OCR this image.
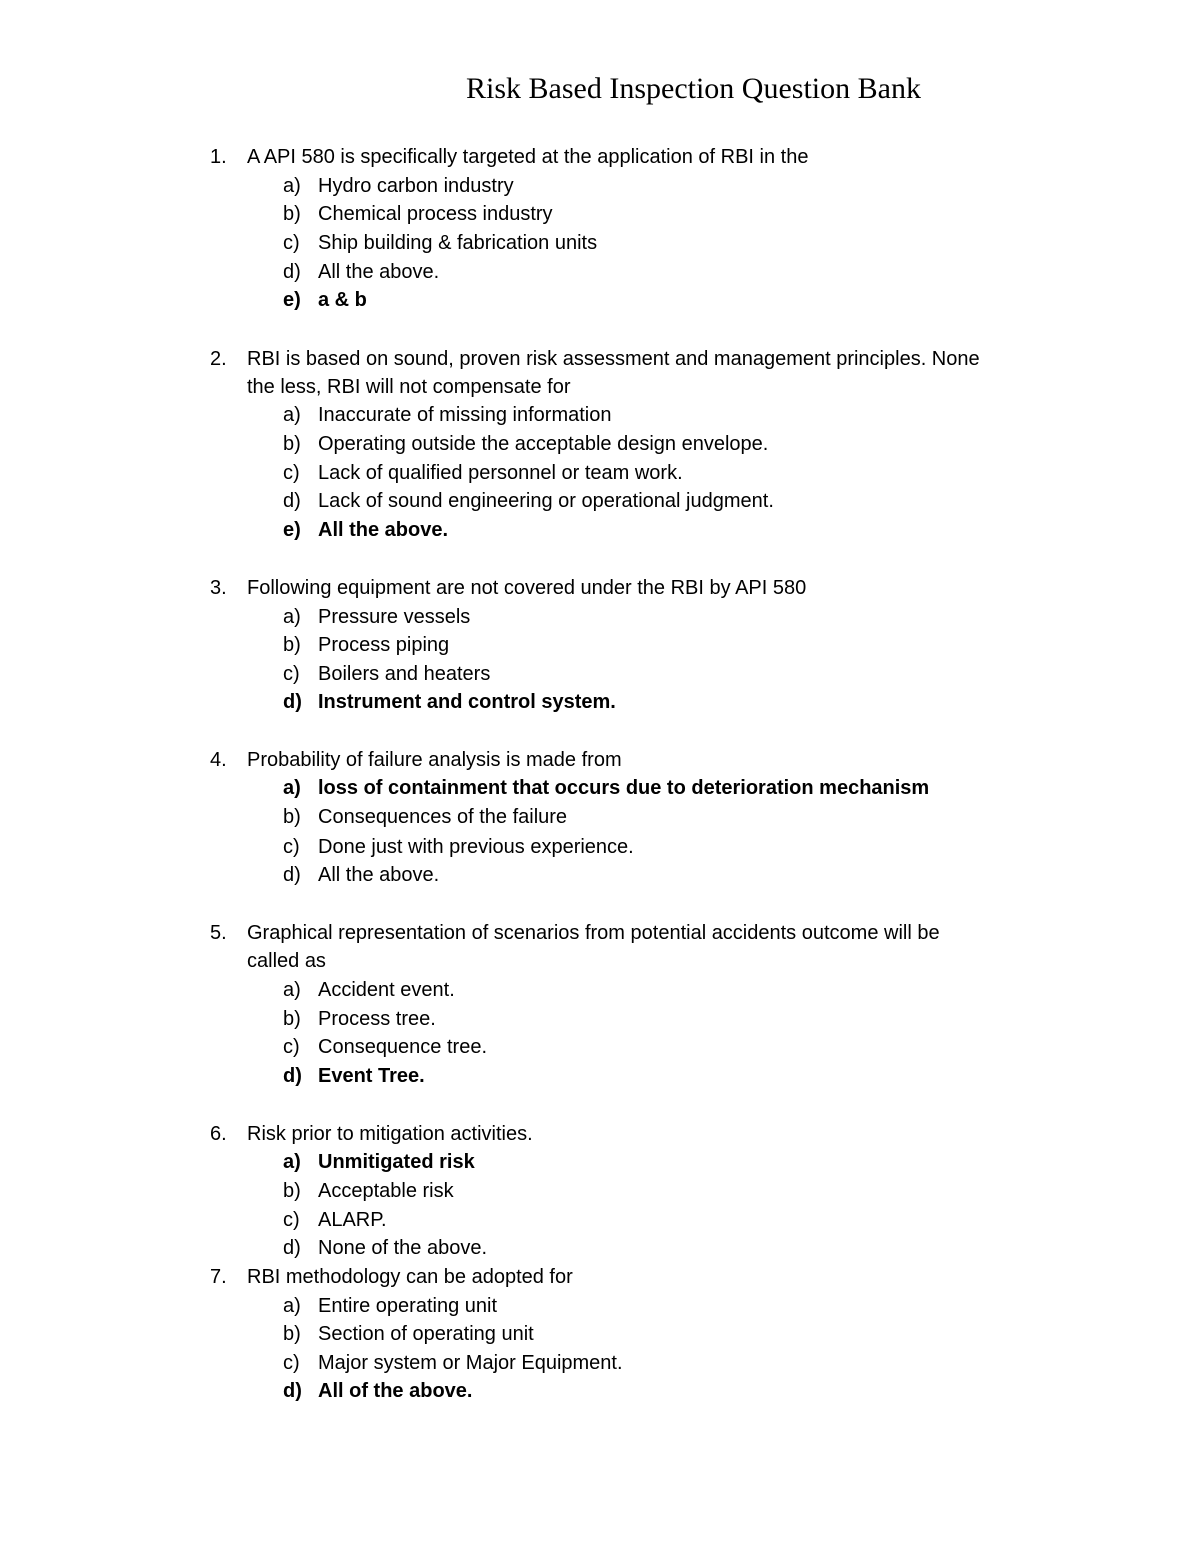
Risk Based Inspection Question Bank
1.	A API 580 is specifically targeted at the application of RBI in the
a) Hydro carbon industry
b) Chemical process industry
c) Ship building & fabrication units
d) All the above.
e) a & b
2.	RBI is based on sound, proven risk assessment and management principles. None
the less, RBI will not compensate for
a) Inaccurate of missing information
b) Operating outside the acceptable design envelope.
c) Lack of qualified personnel or team work.
d) Lack of sound engineering or operational judgment.
e) All the above.
3.	Following equipment are not covered under the RBI by API 580
a) Pressure vessels
b) Process piping
c) Boilers and heaters
d) Instrument and control system.
4.	Probability of failure analysis is made from
a) loss of containment that occurs due to deterioration mechanism
b) Consequences of the failure
c) Done just with previous experience.
d) All the above.
5.	Graphical representation of scenarios from potential accidents outcome will be
called as
a) Accident event.
b) Process tree.
c) Consequence tree.
d) Event Tree.
6.	Risk prior to mitigation activities.
a) Unmitigated risk
b) Acceptable risk
c) ALARP.
d) None of the above.
7.	RBI methodology can be adopted for
a) Entire operating unit
b) Section of operating unit
c) Major system or Major Equipment.
d) All of the above.
